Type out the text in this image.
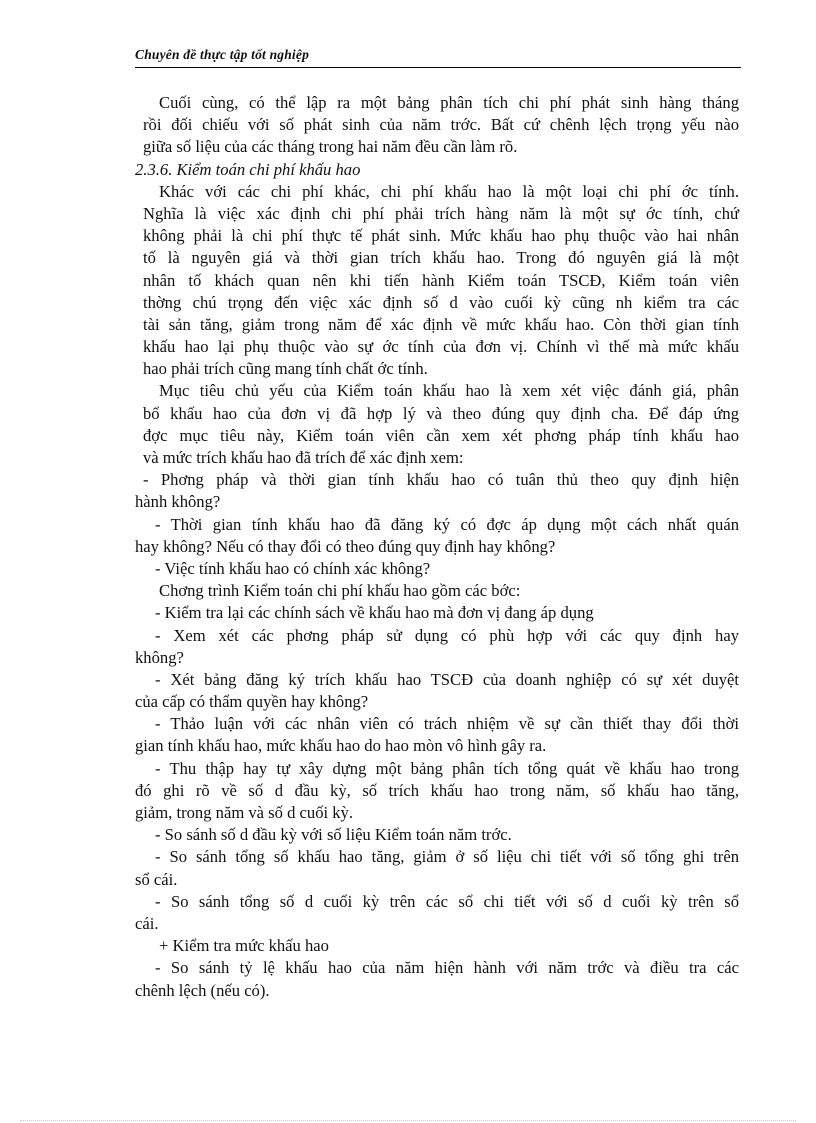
Chuyên đề thực tập tốt nghiệp
Cuối cùng, có thể lập ra một bảng phân tích chi phí phát sinh hàng tháng
rồi đối chiếu với số phát sinh của năm trớc. Bất cứ chênh lệch trọng yếu nào
giữa số liệu của các tháng trong hai năm đều cần làm rõ.
2.3.6. Kiểm toán chi phí khấu hao
Khác với các chi phí khác, chi phí khấu hao là một loại chi phí ớc tính.
Nghĩa là việc xác định chi phí phải trích hàng năm là một sự ớc tính, chứ
không phải là chi phí thực tế phát sinh. Mức khấu hao phụ thuộc vào hai nhân
tố là nguyên giá và thời gian trích khấu hao. Trong đó nguyên giá là một
nhân tố khách quan nên khi tiến hành Kiểm toán TSCĐ, Kiểm toán viên
thờng chú trọng đến việc xác định số d vào cuối kỳ cũng nh kiểm tra các
tài sản tăng, giảm trong năm để xác định về mức khấu hao. Còn thời gian tính
khấu hao lại phụ thuộc vào sự ớc tính của đơn vị. Chính vì thế mà mức khấu
hao phải trích cũng mang tính chất ớc tính.
Mục tiêu chủ yếu của Kiểm toán khấu hao là xem xét việc đánh giá, phân
bổ khấu hao của đơn vị đã hợp lý và theo đúng quy định cha. Để đáp ứng
đợc mục tiêu này, Kiểm toán viên cần xem xét phơng pháp tính khấu hao
và mức trích khấu hao đã trích để xác định xem:
- Phơng pháp và thời gian tính khấu hao có tuân thủ theo quy định hiện
hành không?
- Thời gian tính khấu hao đã đăng ký có đợc áp dụng một cách nhất quán
hay không? Nếu có thay đổi có theo đúng quy định hay không?
- Việc tính khấu hao có chính xác không?
Chơng trình Kiểm toán chi phí khấu hao gồm các bớc:
- Kiểm tra lại các chính sách về khấu hao mà đơn vị đang áp dụng
- Xem xét các phơng pháp sử dụng có phù hợp với các quy định hay
không?
- Xét bảng đăng ký trích khấu hao TSCĐ của doanh nghiệp có sự xét duyệt
của cấp có thẩm quyền hay không?
- Thảo luận với các nhân viên có trách nhiệm về sự cần thiết thay đổi thời
gian tính khấu hao, mức khấu hao do hao mòn vô hình gây ra.
- Thu thập hay tự xây dựng một bảng phân tích tổng quát về khấu hao trong
đó ghi rõ về số d đầu kỳ, số trích khấu hao trong năm, số khấu hao tăng,
giảm, trong năm và số d cuối kỳ.
- So sánh số d đầu kỳ với số liệu Kiểm toán năm trớc.
- So sánh tổng số khấu hao tăng, giảm ở số liệu chi tiết với số tổng ghi trên
sổ cái.
- So sánh tổng số d cuối kỳ trên các sổ chi tiết với số d cuối kỳ trên sổ
cái.
+ Kiểm tra mức khấu hao
- So sánh tỷ lệ khấu hao của năm hiện hành với năm trớc và điều tra các
chênh lệch (nếu có).
